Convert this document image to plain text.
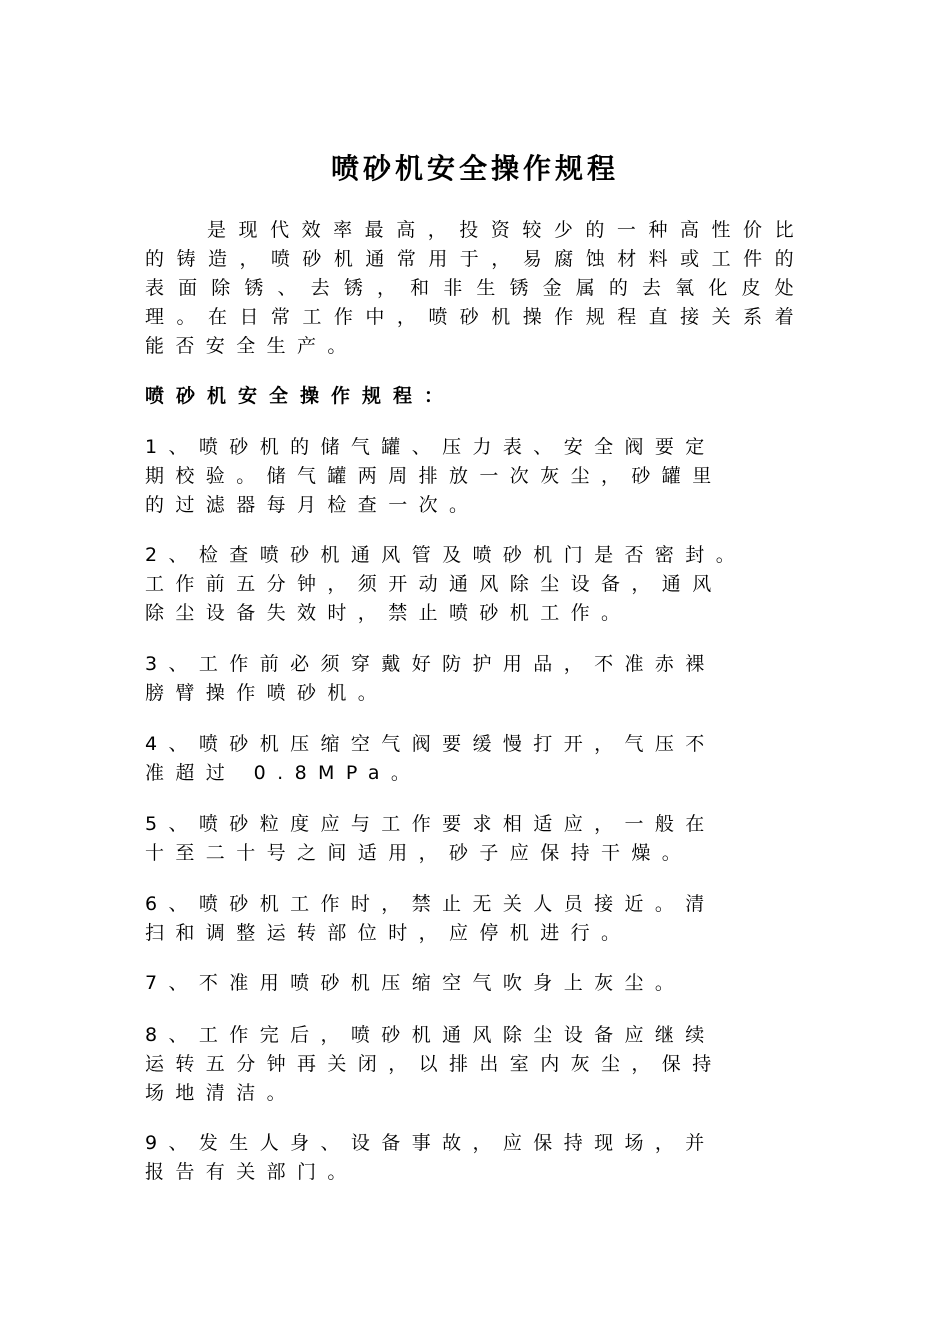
喷砂机安全操作规程

是现代效率最高，投资较少的一种高性价比的铸造，喷砂机通常用于，易腐蚀材料或工件的表面除锈、去锈，和非生锈金属的去氧化皮处理。在日常工作中，喷砂机操作规程直接关系着能否安全生产。

喷砂机安全操作规程：

1、喷砂机的储气罐、压力表、安全阀要定
期校验。储气罐两周排放一次灰尘，砂罐里
的过滤器每月检查一次。

2、检查喷砂机通风管及喷砂机门是否密封。
工作前五分钟，须开动通风除尘设备，通风
除尘设备失效时，禁止喷砂机工作。

3、工作前必须穿戴好防护用品，不准赤裸
膀臂操作喷砂机。

4、喷砂机压缩空气阀要缓慢打开，气压不
准超过 0.8MPa。

5、喷砂粒度应与工作要求相适应，一般在
十至二十号之间适用，砂子应保持干燥。

6、喷砂机工作时，禁止无关人员接近。清
扫和调整运转部位时，应停机进行。

7、不准用喷砂机压缩空气吹身上灰尘。

8、工作完后，喷砂机通风除尘设备应继续
运转五分钟再关闭，以排出室内灰尘，保持
场地清洁。

9、发生人身、设备事故，应保持现场，并
报告有关部门。
